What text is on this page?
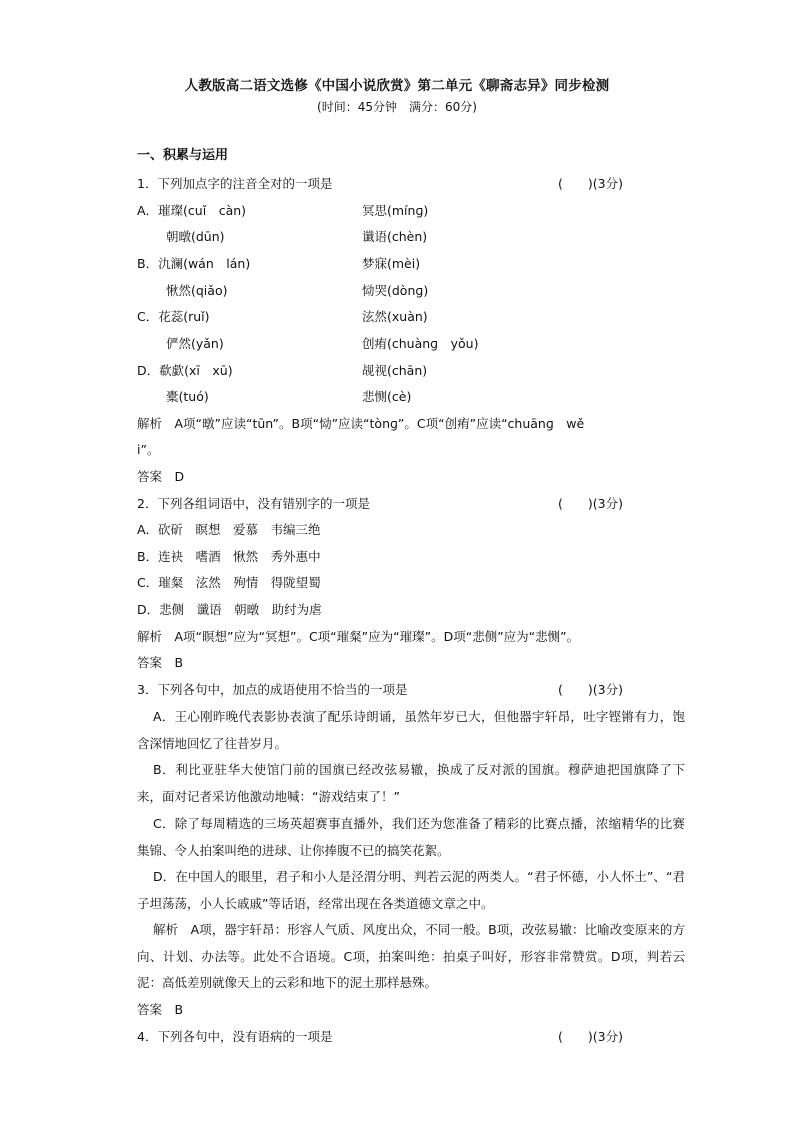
人教版高二语文选修《中国小说欣赏》第二单元《聊斋志异》同步检测
(时间：45分钟　满分：60分)
一、积累与运用
1．下列加点字的注音全对的一项是	(　　)(3分)
A．璀璨(cuǐ　càn)	冥思(mínɡ)
朝暾(dūn)	谶语(chèn)
B．氿澜(wán　lán)	梦寐(mèi)
愀然(qiǎo)	恸哭(dònɡ)
C．花蕊(ruǐ)	泫然(xuàn)
俨然(yǎn)	创痏(chuànɡ　yǒu)
D．欷歔(xī　xū)	觇视(chān)
橐(tuó)	悲恻(cè)
解析　A项“暾”应读“tūn”。B项“恸”应读“tònɡ”。C项“创痏”应读“chuānɡ　wě
i”。
答案　D
2．下列各组词语中，没有错别字的一项是	(　　)(3分)
A．砍斫　瞑想　爱慕　韦编三绝
B．连袂　嗜酒　愀然　秀外惠中
C．璀粲　泫然　殉情　得陇望蜀
D．悲侧　谶语　朝暾　助纣为虐
解析　A项“瞑想”应为“冥想”。C项“璀粲”应为“璀璨”。D项“悲侧”应为“悲恻”。
答案　B
3．下列各句中，加点的成语使用不恰当的一项是	(　　)(3分)
A．王心刚昨晚代表影协表演了配乐诗朗诵，虽然年岁已大，但他器宇轩昂，吐字铿锵有力，饱含深情地回忆了往昔岁月。
B．利比亚驻华大使馆门前的国旗已经改弦易辙，换成了反对派的国旗。穆萨迪把国旗降了下来，面对记者采访他激动地喊：“游戏结束了！”
C．除了每周精选的三场英超赛事直播外，我们还为您准备了精彩的比赛点播，浓缩精华的比赛集锦、令人拍案叫绝的进球、让你捧腹不已的搞笑花絮。
D．在中国人的眼里，君子和小人是泾渭分明、判若云泥的两类人。“君子怀德，小人怀土”、“君子坦荡荡，小人长戚戚”等话语，经常出现在各类道德文章之中。
解析　A项，器宇轩昂：形容人气质、风度出众，不同一般。B项，改弦易辙：比喻改变原来的方向、计划、办法等。此处不合语境。C项，拍案叫绝：拍桌子叫好，形容非常赞赏。D项，判若云泥：高低差别就像天上的云彩和地下的泥土那样悬殊。
答案　B
4．下列各句中，没有语病的一项是	(　　)(3分)
